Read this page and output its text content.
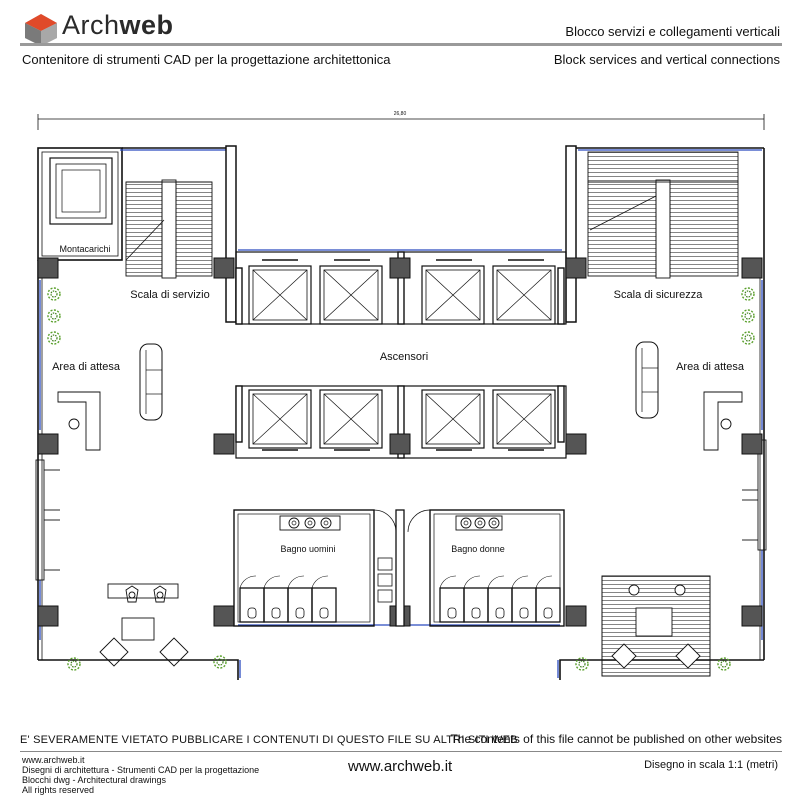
Archweb	Blocco servizi e collegamenti verticali
Contenitore di strumenti CAD per la progettazione architettonica	Block services and vertical connections
26,80
Montacarichi
Scala di servizio	Scala di sicurezza
Ascensori
Area di attesa	Area di attesa
Bagno uomini	Bagno donne
E' SEVERAMENTE VIETATO PUBBLICARE I CONTENUTI DI QUESTO FILE SU ALTRI SITI WEB
The contents of this file cannot be published on other websites
www.archweb.it
Disegni di architettura - Strumenti CAD per la progettazione
Blocchi dwg - Architectural drawings
All rights reserved
www.archweb.it	Disegno in scala 1:1 (metri)
